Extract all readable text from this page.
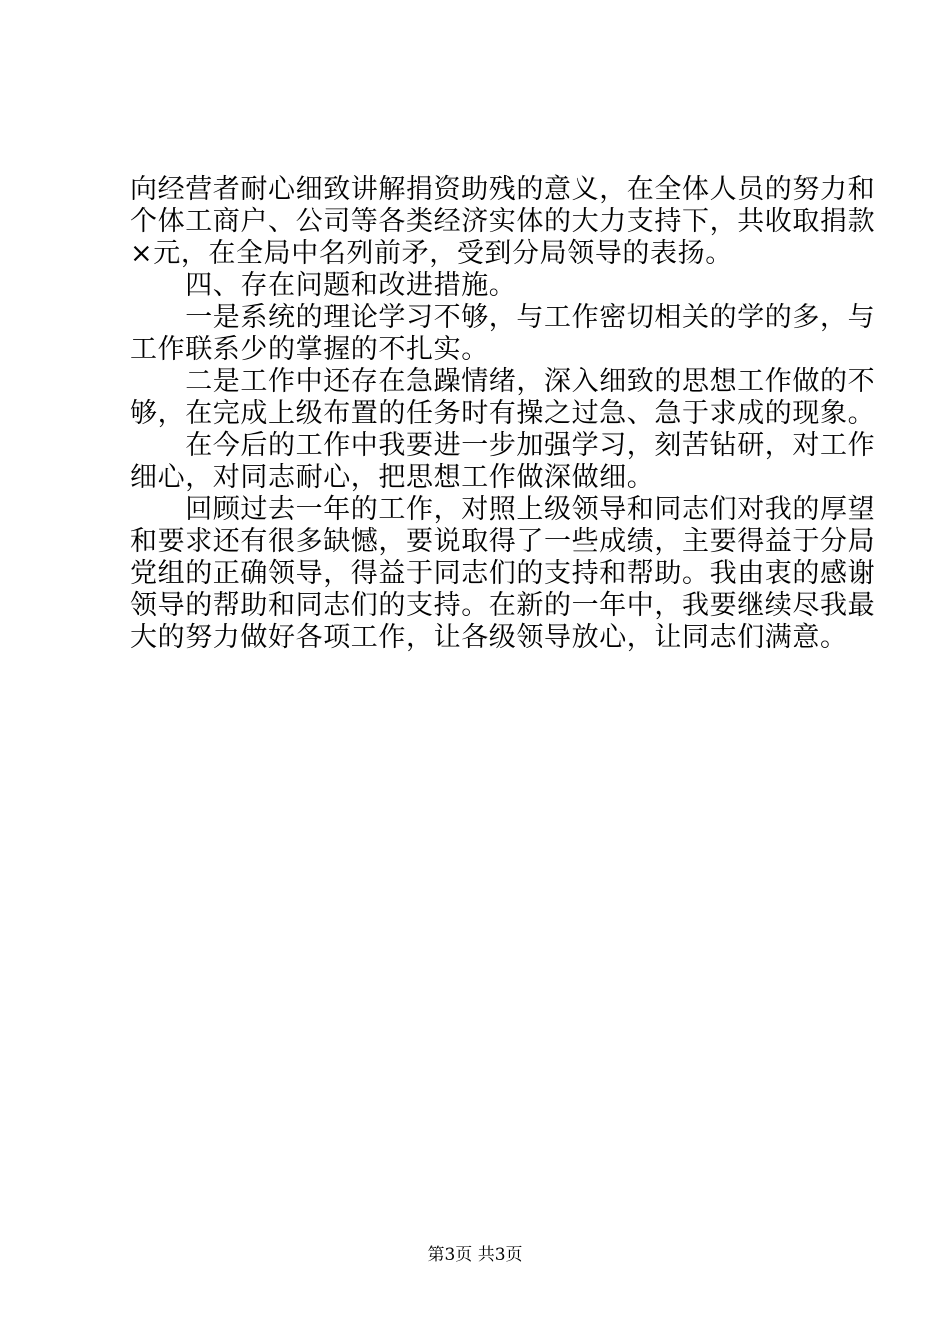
向经营者耐心细致讲解捐资助残的意义，在全体人员的努力和
个体工商户、公司等各类经济实体的大力支持下，共收取捐款
×元，在全局中名列前矛，受到分局领导的表扬。
　　四、存在问题和改进措施。
　　一是系统的理论学习不够，与工作密切相关的学的多，与
工作联系少的掌握的不扎实。
　　二是工作中还存在急躁情绪，深入细致的思想工作做的不
够，在完成上级布置的任务时有操之过急、急于求成的现象。
　　在今后的工作中我要进一步加强学习，刻苦钻研，对工作
细心，对同志耐心，把思想工作做深做细。
　　回顾过去一年的工作，对照上级领导和同志们对我的厚望
和要求还有很多缺憾，要说取得了一些成绩，主要得益于分局
党组的正确领导，得益于同志们的支持和帮助。我由衷的感谢
领导的帮助和同志们的支持。在新的一年中，我要继续尽我最
大的努力做好各项工作，让各级领导放心，让同志们满意。
第3页 共3页
